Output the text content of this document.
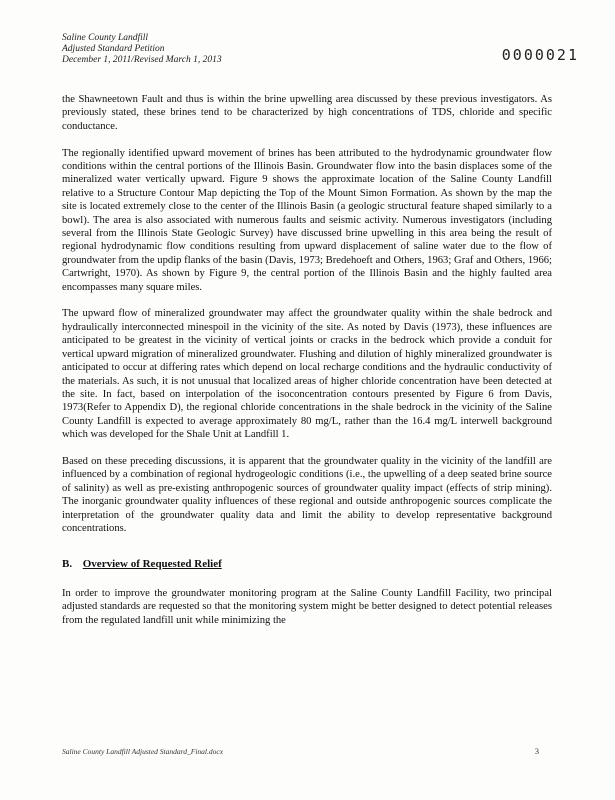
Saline County Landfill
Adjusted Standard Petition
December 1, 2011/Revised March 1, 2013	0000021

the Shawneetown Fault and thus is within the brine upwelling area discussed by these previous investigators. As previously stated, these brines tend to be characterized by high concentrations of TDS, chloride and specific conductance.

The regionally identified upward movement of brines has been attributed to the hydrodynamic groundwater flow conditions within the central portions of the Illinois Basin. Groundwater flow into the basin displaces some of the mineralized water vertically upward. Figure 9 shows the approximate location of the Saline County Landfill relative to a Structure Contour Map depicting the Top of the Mount Simon Formation. As shown by the map the site is located extremely close to the center of the Illinois Basin (a geologic structural feature shaped similarly to a bowl). The area is also associated with numerous faults and seismic activity. Numerous investigators (including several from the Illinois State Geologic Survey) have discussed brine upwelling in this area being the result of regional hydrodynamic flow conditions resulting from upward displacement of saline water due to the flow of groundwater from the updip flanks of the basin (Davis, 1973; Bredehoeft and Others, 1963; Graf and Others, 1966; Cartwright, 1970). As shown by Figure 9, the central portion of the Illinois Basin and the highly faulted area encompasses many square miles.

The upward flow of mineralized groundwater may affect the groundwater quality within the shale bedrock and hydraulically interconnected minespoil in the vicinity of the site. As noted by Davis (1973), these influences are anticipated to be greatest in the vicinity of vertical joints or cracks in the bedrock which provide a conduit for vertical upward migration of mineralized groundwater. Flushing and dilution of highly mineralized groundwater is anticipated to occur at differing rates which depend on local recharge conditions and the hydraulic conductivity of the materials. As such, it is not unusual that localized areas of higher chloride concentration have been detected at the site. In fact, based on interpolation of the isoconcentration contours presented by Figure 6 from Davis, 1973(Refer to Appendix D), the regional chloride concentrations in the shale bedrock in the vicinity of the Saline County Landfill is expected to average approximately 80 mg/L, rather than the 16.4 mg/L interwell background which was developed for the Shale Unit at Landfill 1.

Based on these preceding discussions, it is apparent that the groundwater quality in the vicinity of the landfill are influenced by a combination of regional hydrogeologic conditions (i.e., the upwelling of a deep seated brine source of salinity) as well as pre-existing anthropogenic sources of groundwater quality impact (effects of strip mining). The inorganic groundwater quality influences of these regional and outside anthropogenic sources complicate the interpretation of the groundwater quality data and limit the ability to develop representative background concentrations.

B. Overview of Requested Relief

In order to improve the groundwater monitoring program at the Saline County Landfill Facility, two principal adjusted standards are requested so that the monitoring system might be better designed to detect potential releases from the regulated landfill unit while minimizing the

Saline County Landfill Adjusted Standard_Final.docx	3
